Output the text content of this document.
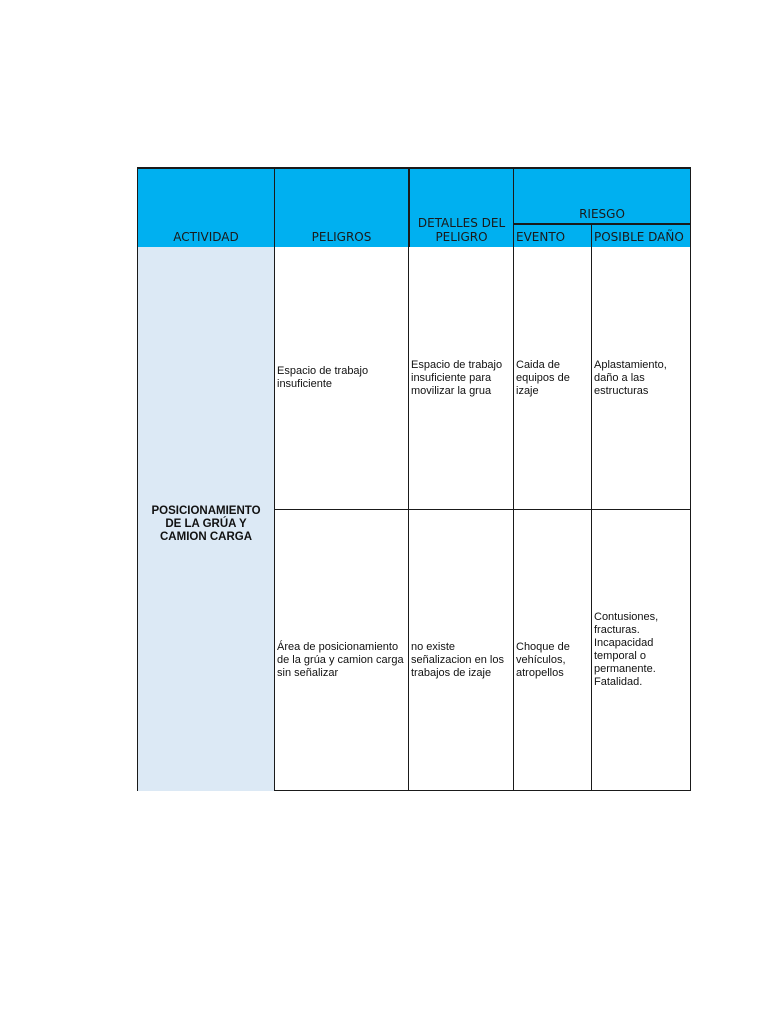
ACTIVIDAD	PELIGROS
DETALLES DEL PELIGRO
RIESGO
EVENTO	POSIBLE DAÑO
POSICIONAMIENTO DE LA GRÚA Y CAMION CARGA
Espacio de trabajo insuficiente
Espacio de trabajo insuficiente para movilizar la grua
Caida de equipos de izaje
Aplastamiento, daño a las estructuras
Área de posicionamiento de la grúa y camion carga sin señalizar
no existe señalizacion en los trabajos de izaje
Choque de vehículos, atropellos
Contusiones, fracturas. Incapacidad temporal o permanente. Fatalidad.
